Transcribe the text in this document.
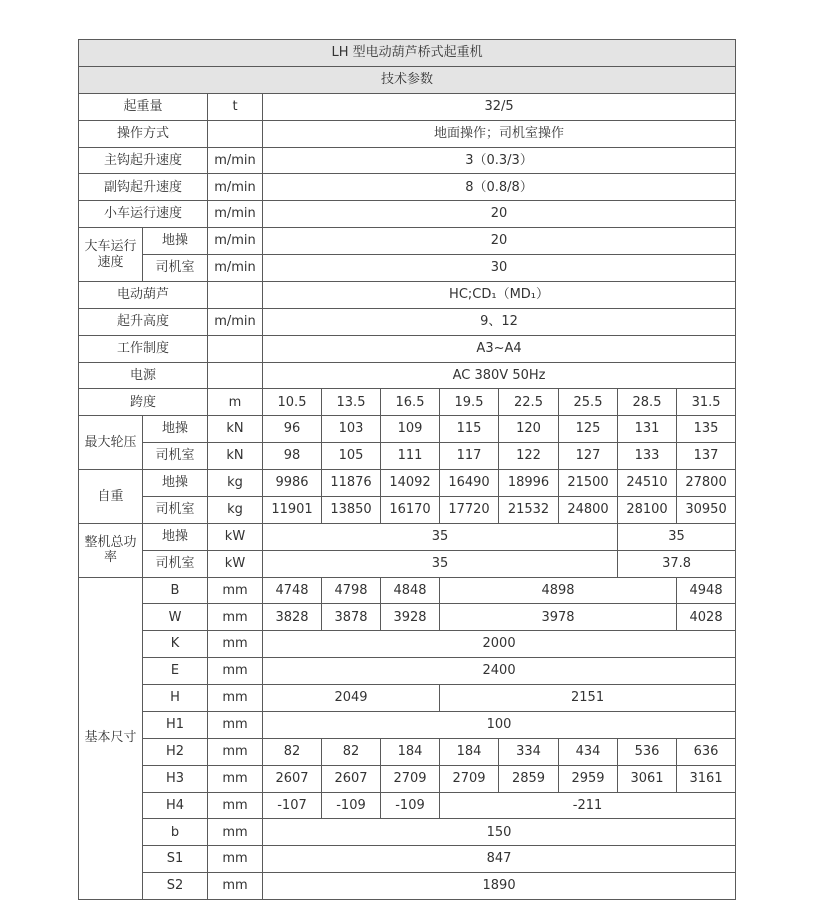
LH 型电动葫芦桥式起重机										
技术参数										
起重量		t	32/5							
操作方式			地面操作；司机室操作							
主钩起升速度		m/min	3（0.3/3）							
副钩起升速度		m/min	8（0.8/8）							
小车运行速度		m/min	20							
大车运行速度	地操	m/min	20							
	司机室	m/min	30							
电动葫芦			HC;CD₁（MD₁）							
起升高度		m/min	9、12							
工作制度			A3~A4							
电源			AC 380V 50Hz							
跨度		m	10.5	13.5	16.5	19.5	22.5	25.5	28.5	31.5
最大轮压	地操	kN	96	103	109	115	120	125	131	135
	司机室	kN	98	105	111	117	122	127	133	137
自重	地操	kg	9986	11876	14092	16490	18996	21500	24510	27800
	司机室	kg	11901	13850	16170	17720	21532	24800	28100	30950
整机总功率	地操	kW	35						35	
	司机室	kW	35						37.8	
基本尺寸	B	mm	4748	4798	4848	4898				4948
	W	mm	3828	3878	3928	3978				4028
	K	mm	2000							
	E	mm	2400							
	H	mm	2049			2151				
	H1	mm	100							
	H2	mm	82	82	184	184	334	434	536	636
	H3	mm	2607	2607	2709	2709	2859	2959	3061	3161
	H4	mm	-107	-109	-109	-211				
	b	mm	150							
	S1	mm	847							
	S2	mm	1890							
